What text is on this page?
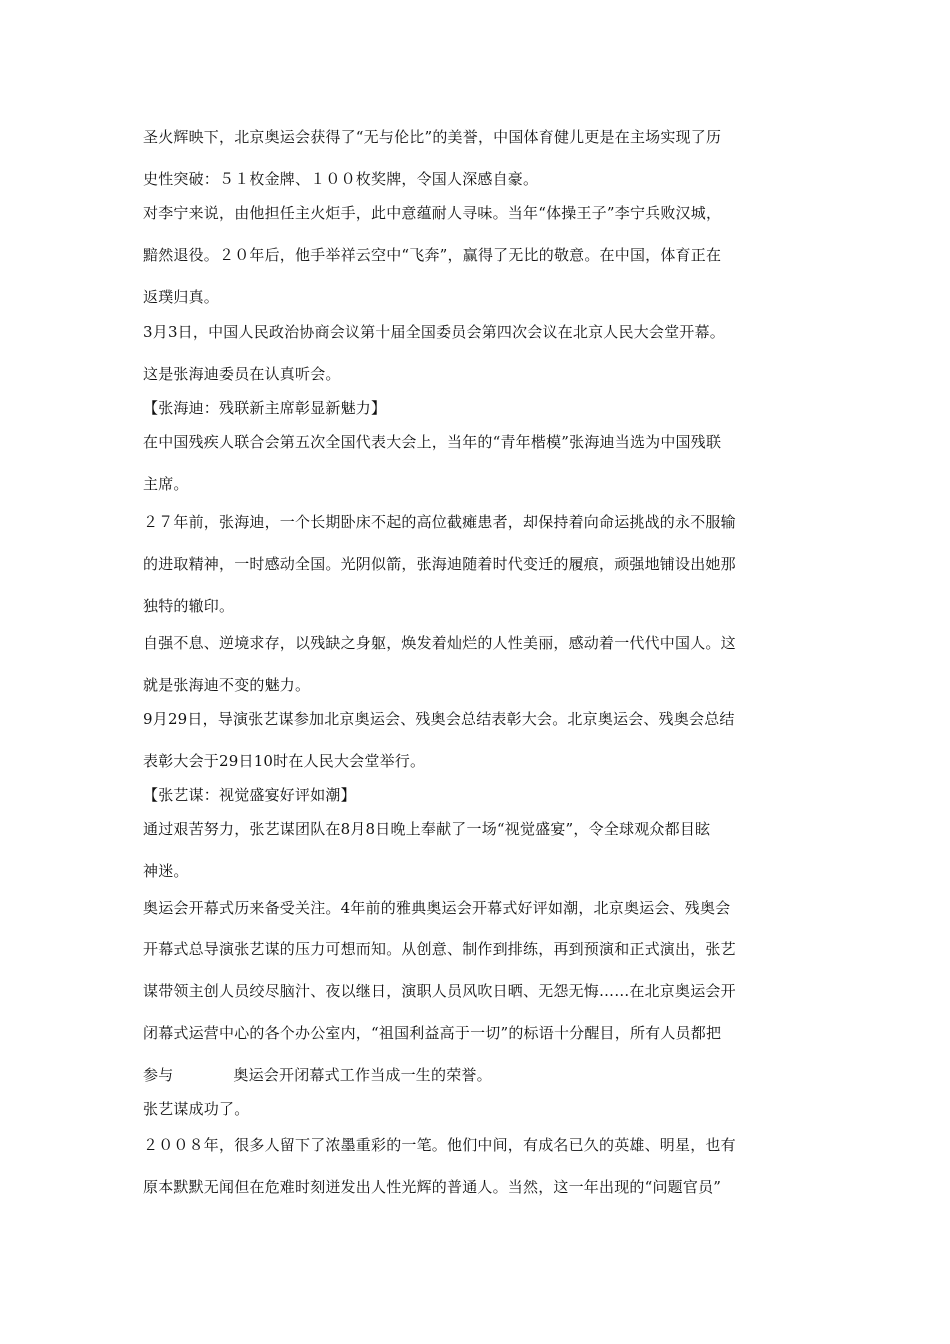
圣火辉映下，北京奥运会获得了“无与伦比”的美誉，中国体育健儿更是在主场实现了历
史性突破：５１枚金牌、１００枚奖牌，令国人深感自豪。
对李宁来说，由他担任主火炬手，此中意蕴耐人寻味。当年“体操王子”李宁兵败汉城，
黯然退役。２０年后，他手举祥云空中“飞奔”，赢得了无比的敬意。在中国，体育正在
返璞归真。
3月3日，中国人民政治协商会议第十届全国委员会第四次会议在北京人民大会堂开幕。
这是张海迪委员在认真听会。
【张海迪：残联新主席彰显新魅力】
在中国残疾人联合会第五次全国代表大会上，当年的“青年楷模”张海迪当选为中国残联
主席。
２７年前，张海迪，一个长期卧床不起的高位截瘫患者，却保持着向命运挑战的永不服输
的进取精神，一时感动全国。光阴似箭，张海迪随着时代变迁的履痕，顽强地铺设出她那
独特的辙印。
自强不息、逆境求存，以残缺之身躯，焕发着灿烂的人性美丽，感动着一代代中国人。这
就是张海迪不变的魅力。
9月29日，导演张艺谋参加北京奥运会、残奥会总结表彰大会。北京奥运会、残奥会总结
表彰大会于29日10时在人民大会堂举行。
【张艺谋：视觉盛宴好评如潮】
通过艰苦努力，张艺谋团队在8月8日晚上奉献了一场“视觉盛宴”，令全球观众都目眩
神迷。
奥运会开幕式历来备受关注。4年前的雅典奥运会开幕式好评如潮，北京奥运会、残奥会
开幕式总导演张艺谋的压力可想而知。从创意、制作到排练，再到预演和正式演出，张艺
谋带领主创人员绞尽脑汁、夜以继日，演职人员风吹日晒、无怨无悔……在北京奥运会开
闭幕式运营中心的各个办公室内，“祖国利益高于一切”的标语十分醒目，所有人员都把
参与	奥运会开闭幕式工作当成一生的荣誉。
张艺谋成功了。
２００８年，很多人留下了浓墨重彩的一笔。他们中间，有成名已久的英雄、明星，也有
原本默默无闻但在危难时刻迸发出人性光辉的普通人。当然，这一年出现的“问题官员”
